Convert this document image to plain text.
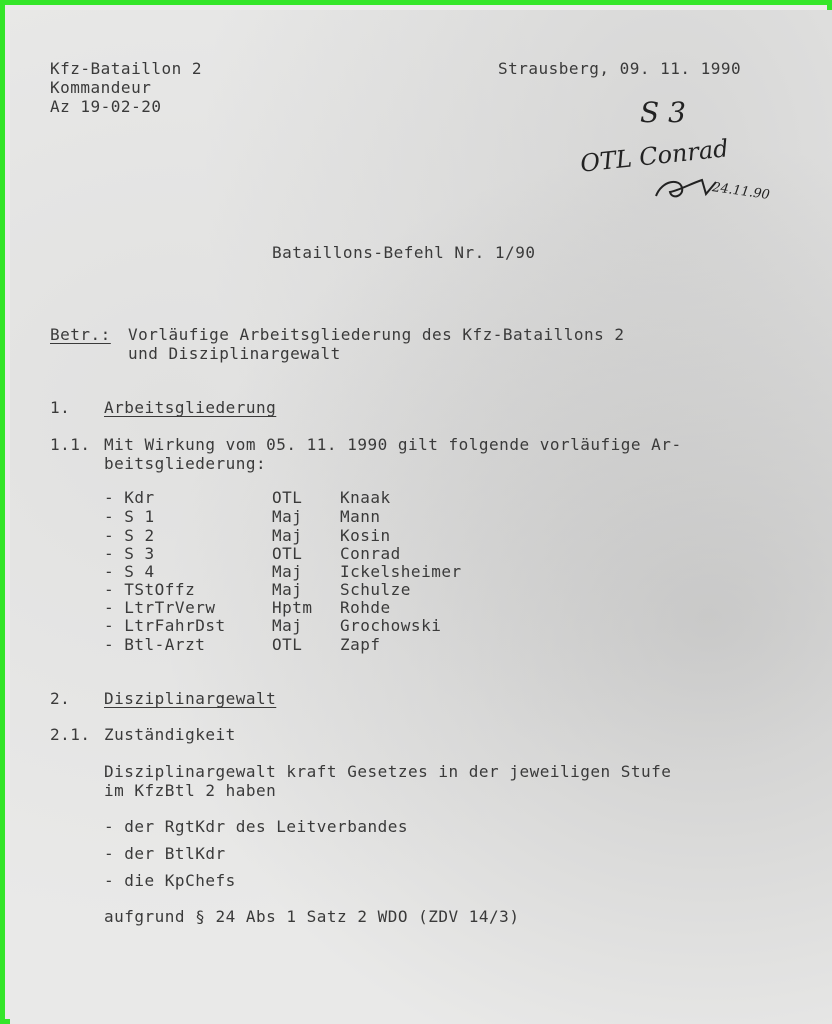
Kfz-Bataillon 2

Kommandeur

Az 19-02-20

Strausberg, 09. 11. 1990

S 3
OTL Conrad
24.11.90

Bataillons-Befehl Nr. 1/90

Betr.: Vorläufige Arbeitsgliederung des Kfz-Bataillons 2

und Disziplinargewalt

1. Arbeitsgliederung

1.1. Mit Wirkung vom 05. 11. 1990 gilt folgende vorläufige Ar-

beitsgliederung:

- Kdr	OTL Knaak
- S 1	Maj Mann
- S 2	Maj Kosin
- S 3	OTL Conrad
- S 4	Maj Ickelsheimer
- TStOffz	Maj Schulze
- LtrTrVerw	Hptm Rohde
- LtrFahrDst	Maj Grochowski
- Btl-Arzt	OTL Zapf

2. Disziplinargewalt

2.1. Zuständigkeit

Disziplinargewalt kraft Gesetzes in der jeweiligen Stufe

im KfzBtl 2 haben

- der RgtKdr des Leitverbandes

- der BtlKdr

- die KpChefs

aufgrund § 24 Abs 1 Satz 2 WDO (ZDV 14/3)
